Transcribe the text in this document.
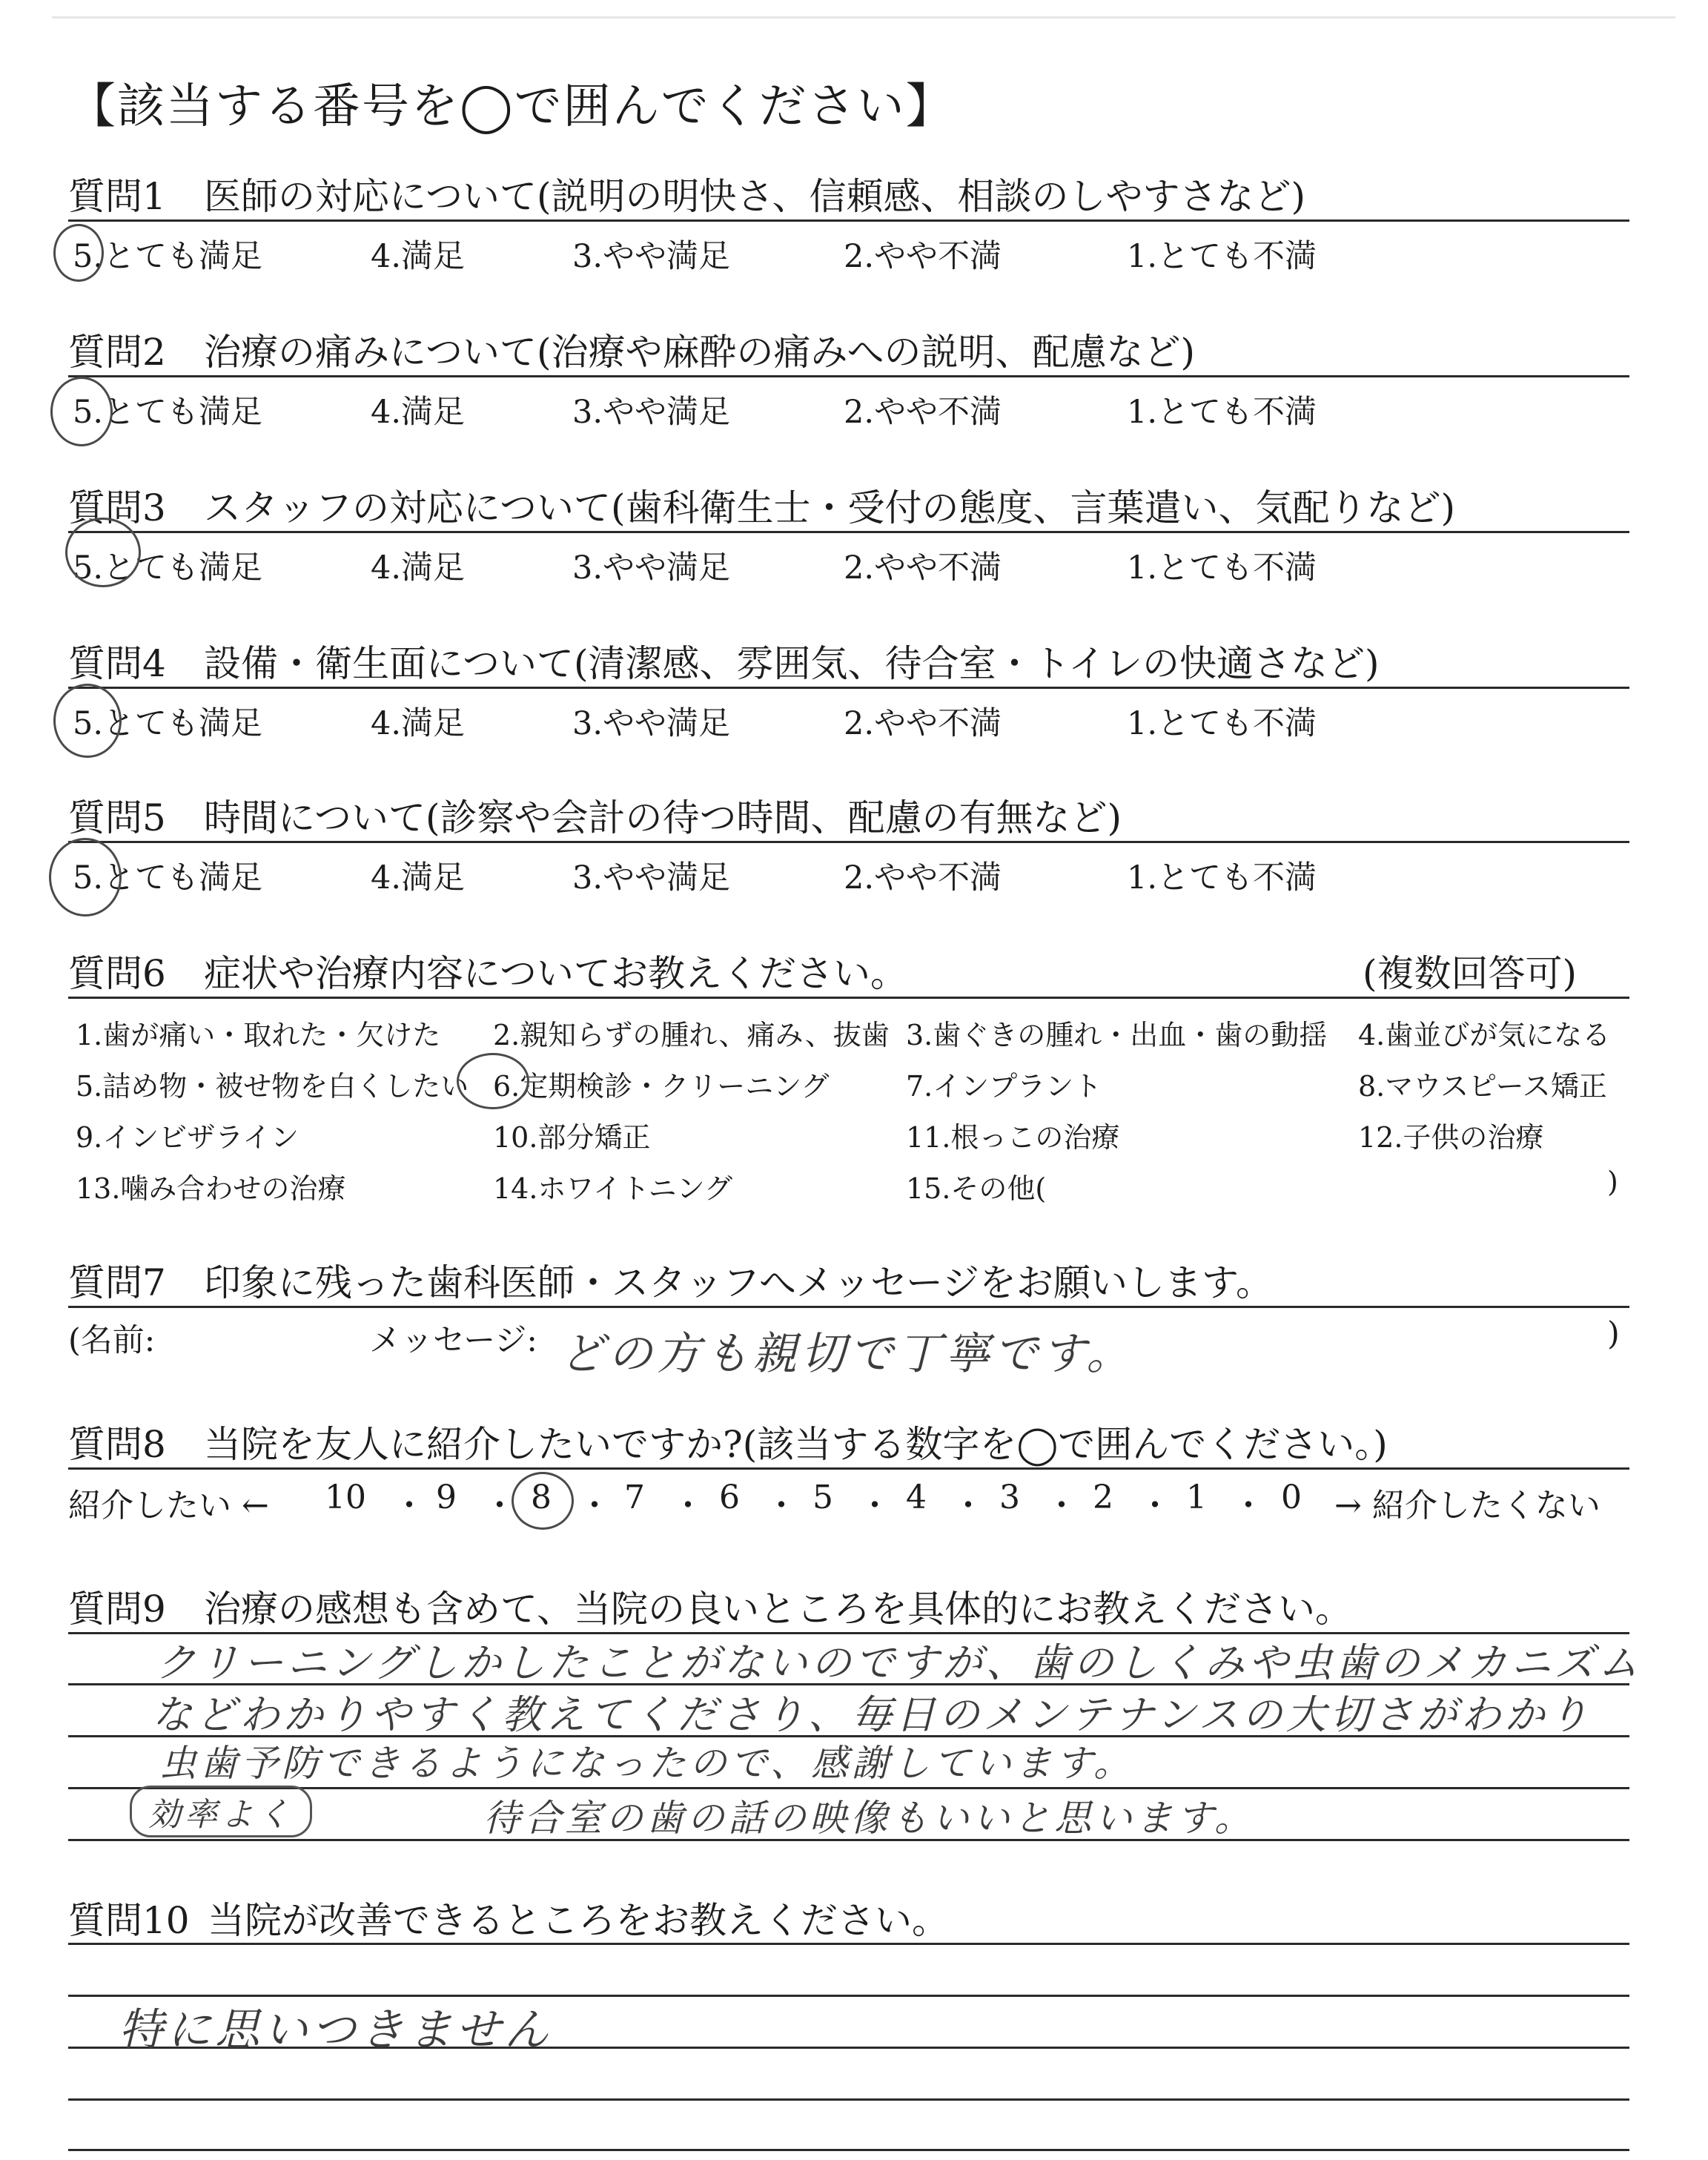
【該当する番号を◯で囲んでください】
質問1 医師の対応について(説明の明快さ、信頼感、相談のしやすさなど)
5.とても満足	4.満足	3.やや満足	2.やや不満	1.とても不満
質問2 治療の痛みについて(治療や麻酔の痛みへの説明、配慮など)
5.とても満足	4.満足	3.やや満足	2.やや不満	1.とても不満
質問3 スタッフの対応について(歯科衛生士・受付の態度、言葉遣い、気配りなど)
5.とても満足	4.満足	3.やや満足	2.やや不満	1.とても不満
質問4 設備・衛生面について(清潔感、雰囲気、待合室・トイレの快適さなど)
5.とても満足	4.満足	3.やや満足	2.やや不満	1.とても不満
質問5 時間について(診察や会計の待つ時間、配慮の有無など)
5.とても満足	4.満足	3.やや満足	2.やや不満	1.とても不満
質問6 症状や治療内容についてお教えください。	(複数回答可)
1.歯が痛い・取れた・欠けた 2.親知らずの腫れ、痛み、抜歯 3.歯ぐきの腫れ・出血・歯の動揺 4.歯並びが気になる
5.詰め物・被せ物を白くしたい 6.定期検診・クリーニング	7.インプラント	8.マウスピース矯正
9.インビザライン	10.部分矯正	11.根っこの治療	12.子供の治療
13.噛み合わせの治療	14.ホワイトニング	15.その他(	)
質問7 印象に残った歯科医師・スタッフへメッセージをお願いします。
(名前:	メッセージ: どの方も親切で丁寧です。	)
質問8 当院を友人に紹介したいですか?(該当する数字を◯で囲んでください。)
紹介したい ← 10 ・ 9 ・ 8 ・ 7 ・ 6 ・ 5 ・ 4 ・ 3 ・ 2 ・ 1 ・ 0 → 紹介したくない
質問9 治療の感想も含めて、当院の良いところを具体的にお教えください。
クリーニングしかしたことがないのですが、歯のしくみや虫歯のメカニズム
などわかりやすく教えてくださり、毎日のメンテナンスの大切さがわかり
虫歯予防できるようになったので、感謝しています。
効率よく	待合室の歯の話の映像もいいと思います。
質問10 当院が改善できるところをお教えください。
特に思いつきません
